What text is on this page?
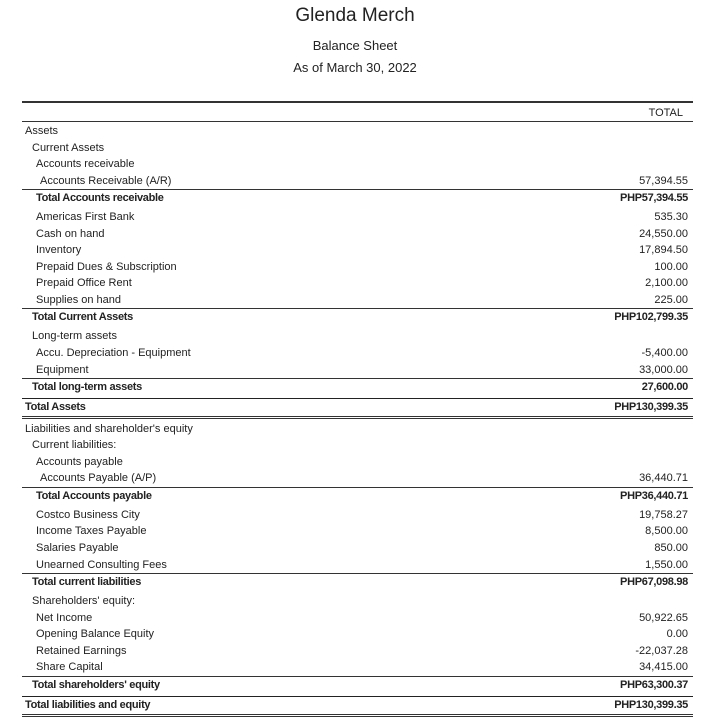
Glenda Merch
Balance Sheet
As of March 30, 2022
TOTAL
Assets
Current Assets
Accounts receivable
Accounts Receivable (A/R)	57,394.55
Total Accounts receivable	PHP57,394.55
Americas First Bank	535.30
Cash on hand	24,550.00
Inventory	17,894.50
Prepaid Dues & Subscription	100.00
Prepaid Office Rent	2,100.00
Supplies on hand	225.00
Total Current Assets	PHP102,799.35
Long-term assets
Accu. Depreciation - Equipment	-5,400.00
Equipment	33,000.00
Total long-term assets	27,600.00
Total Assets	PHP130,399.35
Liabilities and shareholder's equity
Current liabilities:
Accounts payable
Accounts Payable (A/P)	36,440.71
Total Accounts payable	PHP36,440.71
Costco Business City	19,758.27
Income Taxes Payable	8,500.00
Salaries Payable	850.00
Unearned Consulting Fees	1,550.00
Total current liabilities	PHP67,098.98
Shareholders' equity:
Net Income	50,922.65
Opening Balance Equity	0.00
Retained Earnings	-22,037.28
Share Capital	34,415.00
Total shareholders' equity	PHP63,300.37
Total liabilities and equity	PHP130,399.35
